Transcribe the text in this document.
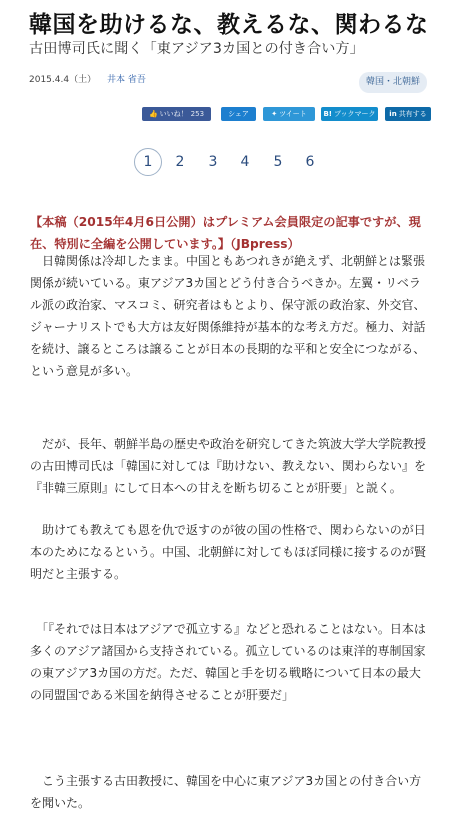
韓国を助けるな、教えるな、関わるな
古田博司氏に聞く「東アジア3カ国との付き合い方」
2015.4.4（土） 井本 省吾	韓国・北朝鮮
👍 いいね！ 253	シェア	✦ ツイート	B! ブックマーク	in 共有する
1	2	3	4	5	6
【本稿（2015年4月6日公開）はプレミアム会員限定の記事ですが、現在、特別に全編を公開しています。】（JBpress）
　日韓関係は冷却したまま。中国ともあつれきが絶えず、北朝鮮とは緊張関係が続いている。東アジア3カ国とどう付き合うべきか。左翼・リベラル派の政治家、マスコミ、研究者はもとより、保守派の政治家、外交官、ジャーナリストでも大方は友好関係維持が基本的な考え方だ。極力、対話を続け、譲るところは譲ることが日本の長期的な平和と安全につながる、という意見が多い。
　だが、長年、朝鮮半島の歴史や政治を研究してきた筑波大学大学院教授の古田博司氏は「韓国に対しては『助けない、教えない、関わらない』を『非韓三原則』にして日本への甘えを断ち切ることが肝要」と説く。
　助けても教えても恩を仇で返すのが彼の国の性格で、関わらないのが日本のためになるという。中国、北朝鮮に対してもほぼ同様に接するのが賢明だと主張する。
　「『それでは日本はアジアで孤立する』などと恐れることはない。日本は多くのアジア諸国から支持されている。孤立しているのは東洋的専制国家の東アジア3カ国の方だ。ただ、韓国と手を切る戦略について日本の最大の同盟国である米国を納得させることが肝要だ」
　こう主張する古田教授に、韓国を中心に東アジア3カ国との付き合い方を聞いた。
